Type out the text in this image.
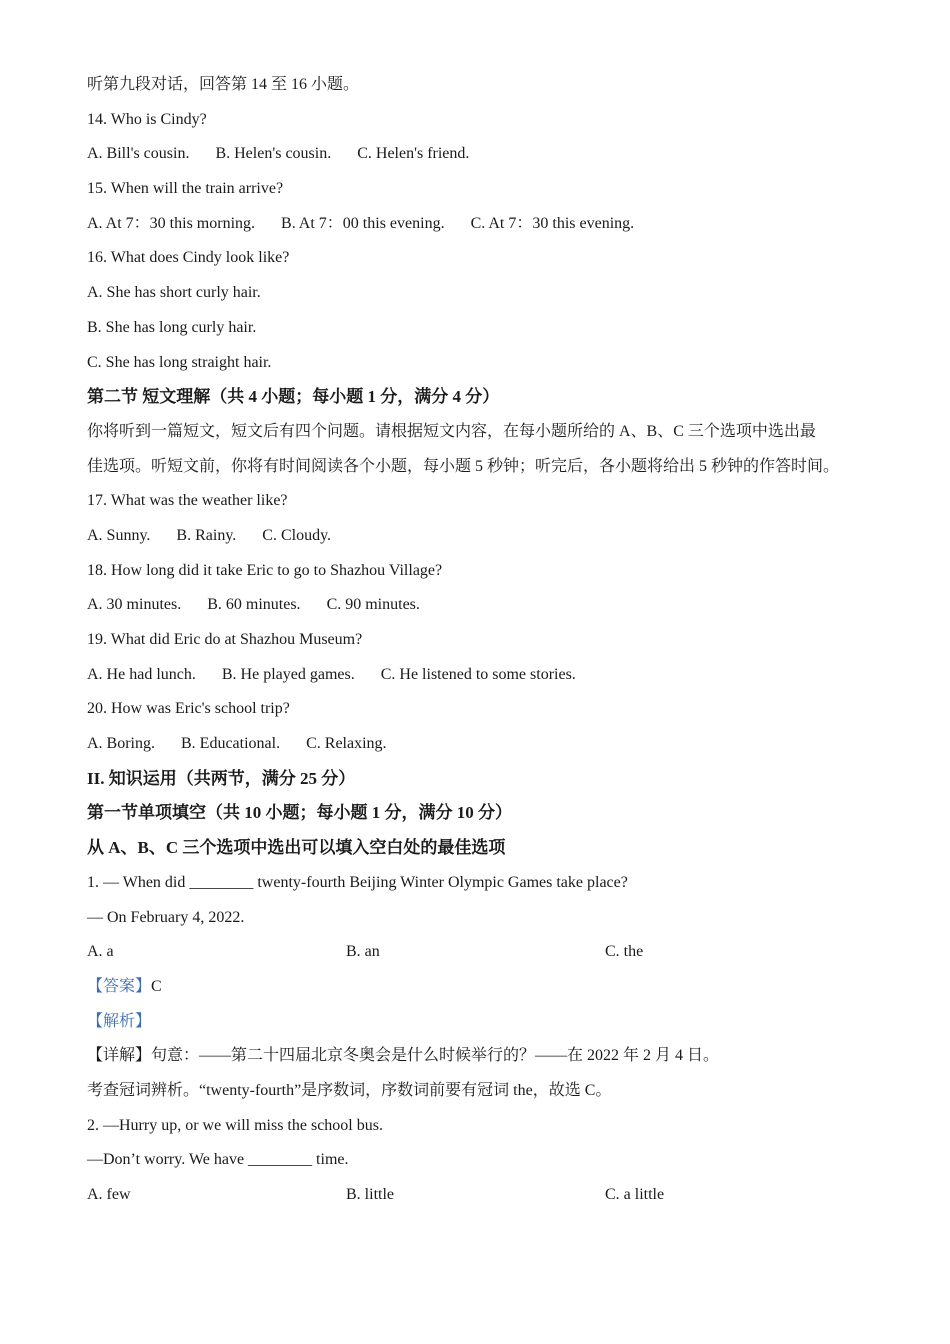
听第九段对话，回答第 14 至 16 小题。
14. Who is Cindy?
A. Bill's cousin. B. Helen's cousin. C. Helen's friend.
15. When will the train arrive?
A. At 7：30 this morning. B. At 7：00 this evening. C. At 7：30 this evening.
16. What does Cindy look like?
A. She has short curly hair.
B. She has long curly hair.
C. She has long straight hair.
第二节 短文理解（共 4 小题；每小题 1 分，满分 4 分）
你将听到一篇短文，短文后有四个问题。请根据短文内容，在每小题所给的 A、B、C 三个选项中选出最
佳选项。听短文前，你将有时间阅读各个小题，每小题 5 秒钟；听完后，各小题将给出 5 秒钟的作答时间。
17. What was the weather like?
A. Sunny. B. Rainy. C. Cloudy.
18. How long did it take Eric to go to Shazhou Village?
A. 30 minutes. B. 60 minutes. C. 90 minutes.
19. What did Eric do at Shazhou Museum?
A. He had lunch. B. He played games. C. He listened to some stories.
20. How was Eric's school trip?
A. Boring. B. Educational. C. Relaxing.
II. 知识运用（共两节，满分 25 分）
第一节单项填空（共 10 小题；每小题 1 分，满分 10 分）
从 A、B、C 三个选项中选出可以填入空白处的最佳选项
1. — When did ________ twenty-fourth Beijing Winter Olympic Games take place?
— On February 4, 2022.
A. a	B. an	C. the
【答案】C
【解析】
【详解】句意：——第二十四届北京冬奥会是什么时候举行的？——在 2022 年 2 月 4 日。
考查冠词辨析。“twenty-fourth”是序数词，序数词前要有冠词 the，故选 C。
2. —Hurry up, or we will miss the school bus.
—Don’t worry. We have ________ time.
A. few	B. little	C. a little
